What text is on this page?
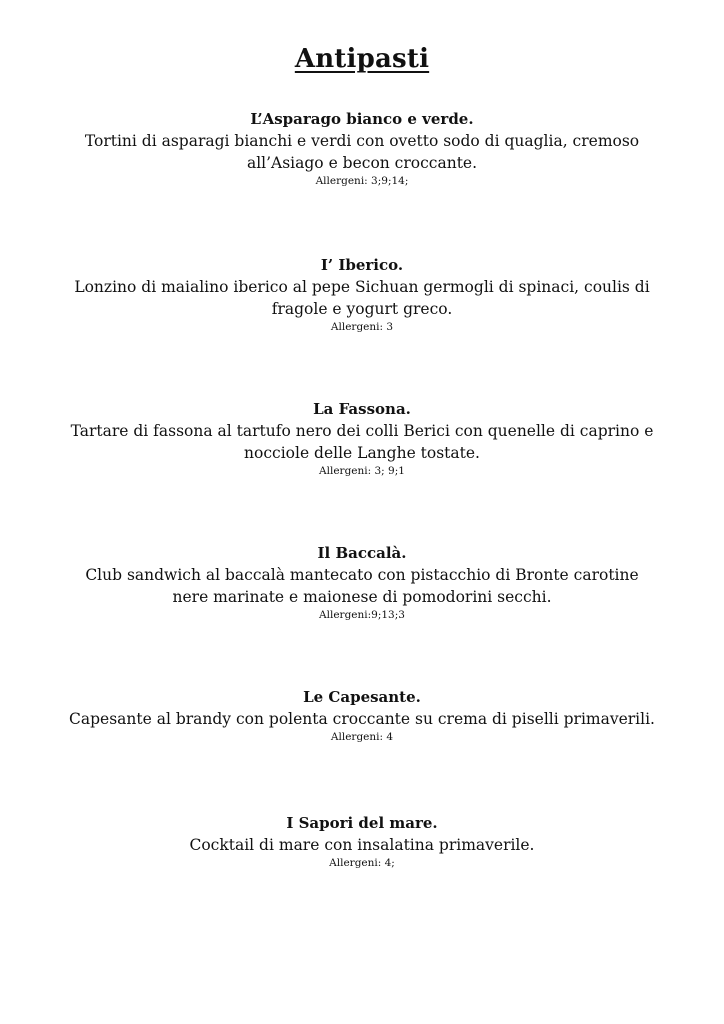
Antipasti

L’Asparago bianco e verde.

Tortini di asparagi bianchi e verdi con ovetto sodo di quaglia, cremoso

all’Asiago e becon croccante.

Allergeni: 3;9;14;

I’ Iberico.

Lonzino di maialino iberico al pepe Sichuan germogli di spinaci, coulis di

fragole e yogurt greco.

Allergeni: 3

La Fassona.

Tartare di fassona al tartufo nero dei colli Berici con quenelle di caprino e

nocciole delle Langhe tostate.

Allergeni: 3; 9;1

Il Baccalà.

Club sandwich al baccalà mantecato con pistacchio di Bronte carotine

nere marinate e maionese di pomodorini secchi.

Allergeni:9;13;3

Le Capesante.

Capesante al brandy con polenta croccante su crema di piselli primaverili.

Allergeni: 4

I Sapori del mare.

Cocktail di mare con insalatina primaverile.

Allergeni: 4;
